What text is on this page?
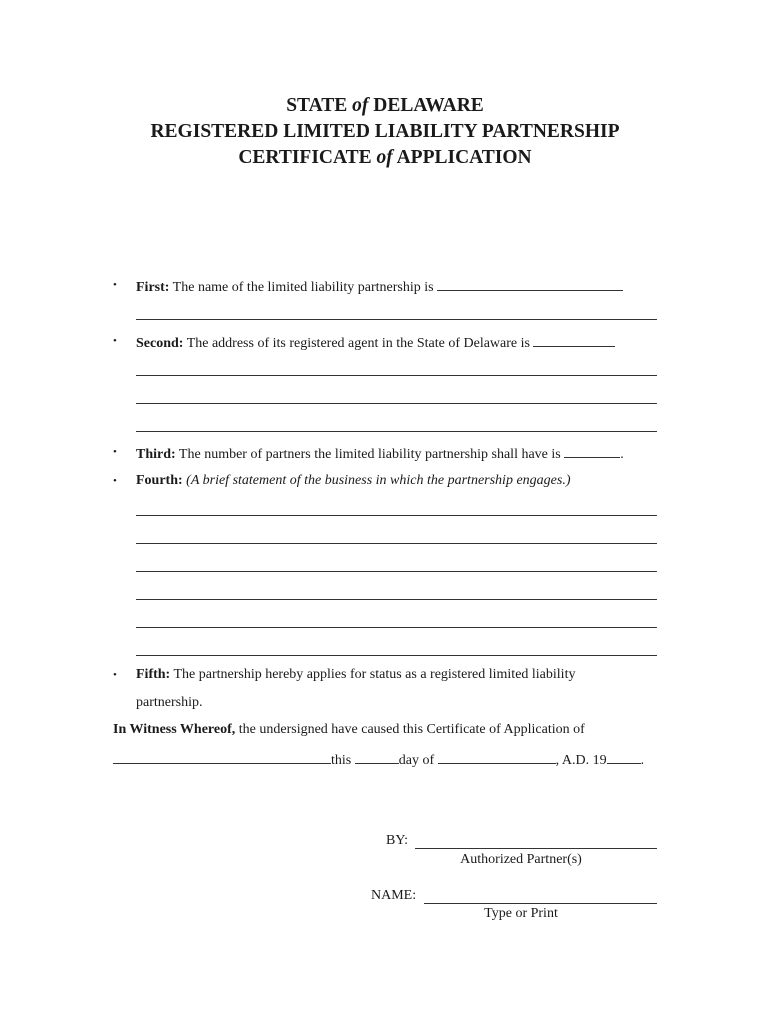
STATE of DELAWARE
REGISTERED LIMITED LIABILITY PARTNERSHIP
CERTIFICATE of APPLICATION
• First: The name of the limited liability partnership is
• Second: The address of its registered agent in the State of Delaware is
• Third: The number of partners the limited liability partnership shall have is	.
• Fourth: (A brief statement of the business in which the partnership engages.)
• Fifth: The partnership hereby applies for status as a registered limited liability
partnership.
In Witness Whereof, the undersigned have caused this Certificate of Application of
this	day of	, A.D. 19 .
BY:
Authorized Partner(s)
NAME:
Type or Print
